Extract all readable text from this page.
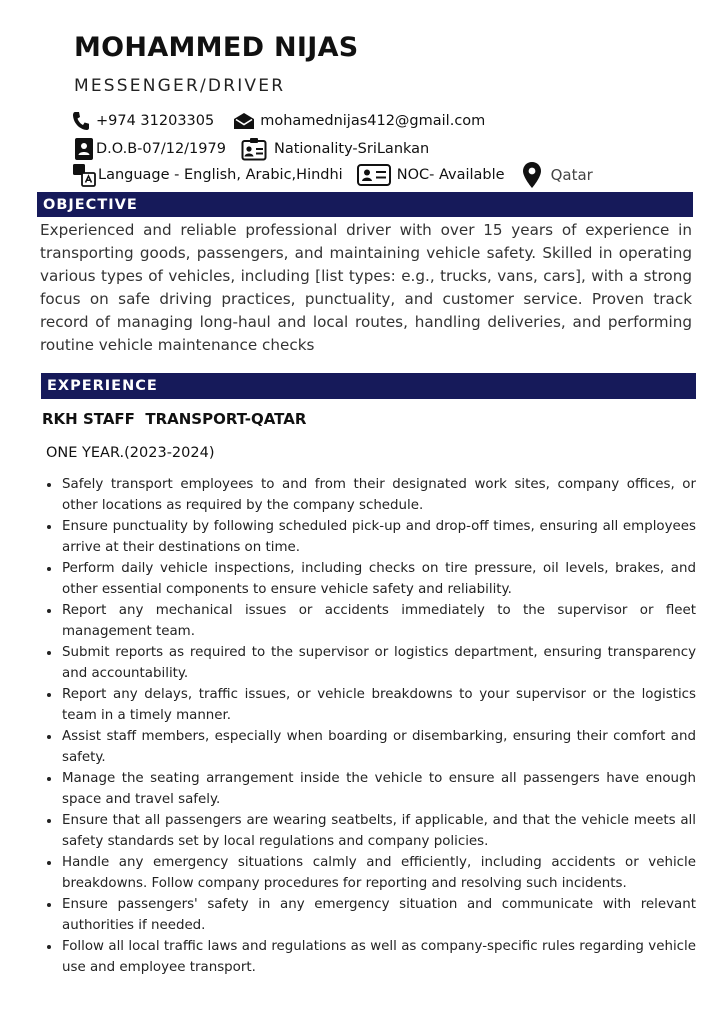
MOHAMMED NIJAS
MESSENGER/DRIVER
+974 31203305	mohamednijas412@gmail.com
D.O.B-07/12/1979	Nationality-SriLankan
Language - English, Arabic,Hindhi	NOC- Available	Qatar
OBJECTIVE
Experienced and reliable professional driver with over 15 years of experience in transporting goods, passengers, and maintaining vehicle safety. Skilled in operating various types of vehicles, including [list types: e.g., trucks, vans, cars], with a strong focus on safe driving practices, punctuality, and customer service. Proven track record of managing long-haul and local routes, handling deliveries, and performing routine vehicle maintenance checks
EXPERIENCE
RKH STAFF  TRANSPORT-QATAR
ONE YEAR.(2023-2024)
Safely transport employees to and from their designated work sites, company offices, or other locations as required by the company schedule.
Ensure punctuality by following scheduled pick-up and drop-off times, ensuring all employees arrive at their destinations on time.
Perform daily vehicle inspections, including checks on tire pressure, oil levels, brakes, and other essential components to ensure vehicle safety and reliability.
Report any mechanical issues or accidents immediately to the supervisor or fleet management team.
Submit reports as required to the supervisor or logistics department, ensuring transparency and accountability.
Report any delays, traffic issues, or vehicle breakdowns to your supervisor or the logistics team in a timely manner.
Assist staff members, especially when boarding or disembarking, ensuring their comfort and safety.
Manage the seating arrangement inside the vehicle to ensure all passengers have enough space and travel safely.
Ensure that all passengers are wearing seatbelts, if applicable, and that the vehicle meets all safety standards set by local regulations and company policies.
Handle any emergency situations calmly and efficiently, including accidents or vehicle breakdowns. Follow company procedures for reporting and resolving such incidents.
Ensure passengers' safety in any emergency situation and communicate with relevant authorities if needed.
Follow all local traffic laws and regulations as well as company-specific rules regarding vehicle use and employee transport.
